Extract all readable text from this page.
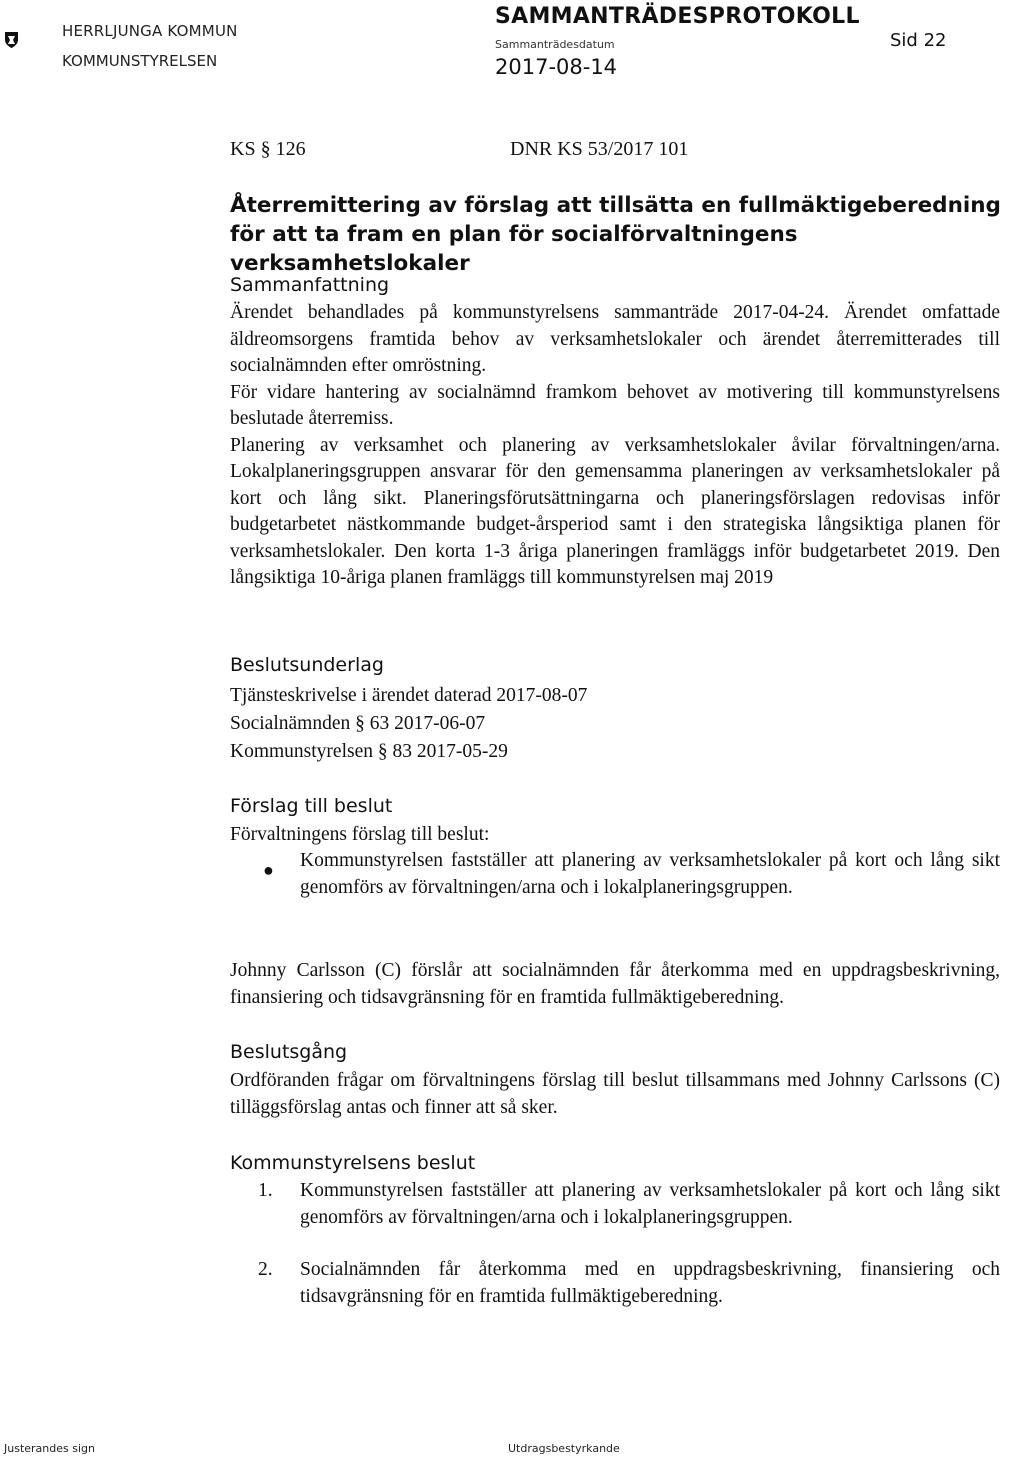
HERRLJUNGA KOMMUN
KOMMUNSTYRELSEN
SAMMANTRÄDESPROTOKOLL
Sammanträdesdatum
2017-08-14
Sid 22
KS § 126	DNR KS 53/2017 101
Återremittering av förslag att tillsätta en fullmäktigeberedning för att ta fram en plan för socialförvaltningens verksamhetslokaler
Sammanfattning

Ärendet behandlades på kommunstyrelsens sammanträde 2017-04-24. Ärendet omfattade äldreomsorgens framtida behov av verksamhetslokaler och ärendet återremitterades till socialnämnden efter omröstning.

För vidare hantering av socialnämnd framkom behovet av motivering till kommunstyrelsens beslutade återremiss.

Planering av verksamhet och planering av verksamhetslokaler åvilar förvaltningen/arna. Lokalplaneringsgruppen ansvarar för den gemensamma planeringen av verksamhetslokaler på kort och lång sikt. Planeringsförutsättningarna och planeringsförslagen redovisas inför budgetarbetet nästkommande budget-årsperiod samt i den strategiska långsiktiga planen för verksamhetslokaler. Den korta 1-3 åriga planeringen framläggs inför budgetarbetet 2019. Den långsiktiga 10-åriga planen framläggs till kommunstyrelsen maj 2019

Beslutsunderlag
Tjänsteskrivelse i ärendet daterad 2017-08-07
Socialnämnden § 63 2017-06-07
Kommunstyrelsen § 83 2017-05-29
Förslag till beslut
Förvaltningens förslag till beslut:
● Kommunstyrelsen fastställer att planering av verksamhetslokaler på kort och lång sikt genomförs av förvaltningen/arna och i lokalplaneringsgruppen.
Johnny Carlsson (C) förslår att socialnämnden får återkomma med en uppdragsbeskrivning, finansiering och tidsavgränsning för en framtida fullmäktigeberedning.
Beslutsgång
Ordföranden frågar om förvaltningens förslag till beslut tillsammans med Johnny Carlssons (C) tilläggsförslag antas och finner att så sker.
Kommunstyrelsens beslut
1. Kommunstyrelsen fastställer att planering av verksamhetslokaler på kort och lång sikt genomförs av förvaltningen/arna och i lokalplaneringsgruppen.
2. Socialnämnden får återkomma med en uppdragsbeskrivning, finansiering och tidsavgränsning för en framtida fullmäktigeberedning.
Justerandes sign	Utdragsbestyrkande
